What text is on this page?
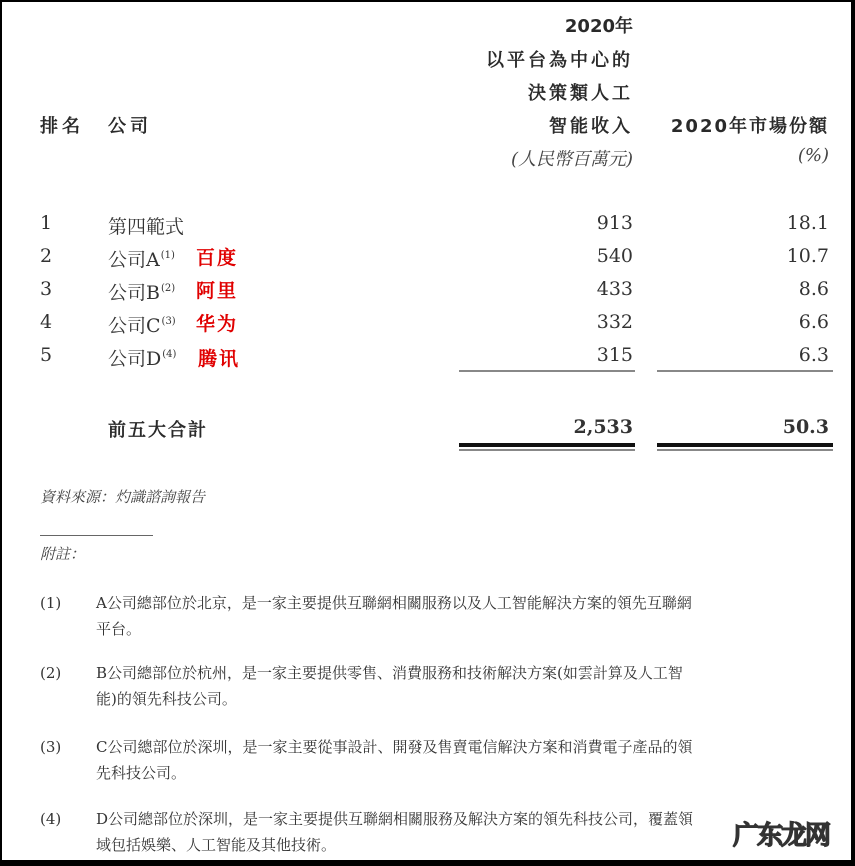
排名 公司
2020年
以平台為中心的
決策類人工
智能收入
(人民幣百萬元)
2020年市場份額
(%)
1	第四範式	913	18.1
2	公司A$^{(1)}$ 百度	540	10.7
3	公司B$^{(2)}$ 阿里	433	8.6
4	公司C$^{(3)}$ 华为	332	6.6
5	公司D$^{(4)}$ 腾讯	315	6.3
前五大合計	2,533	50.3
資料來源：灼識諮詢報告
附註：
(1) A公司總部位於北京，是一家主要提供互聯網相關服務以及人工智能解決方案的領先互聯網
平台。
(2) B公司總部位於杭州，是一家主要提供零售、消費服務和技術解決方案(如雲計算及人工智
能)的領先科技公司。
(3) C公司總部位於深圳，是一家主要從事設計、開發及售賣電信解決方案和消費電子產品的領
先科技公司。
(4) D公司總部位於深圳，是一家主要提供互聯網相關服務及解決方案的領先科技公司，覆蓋領
域包括娛樂、人工智能及其他技術。	广东龙网
